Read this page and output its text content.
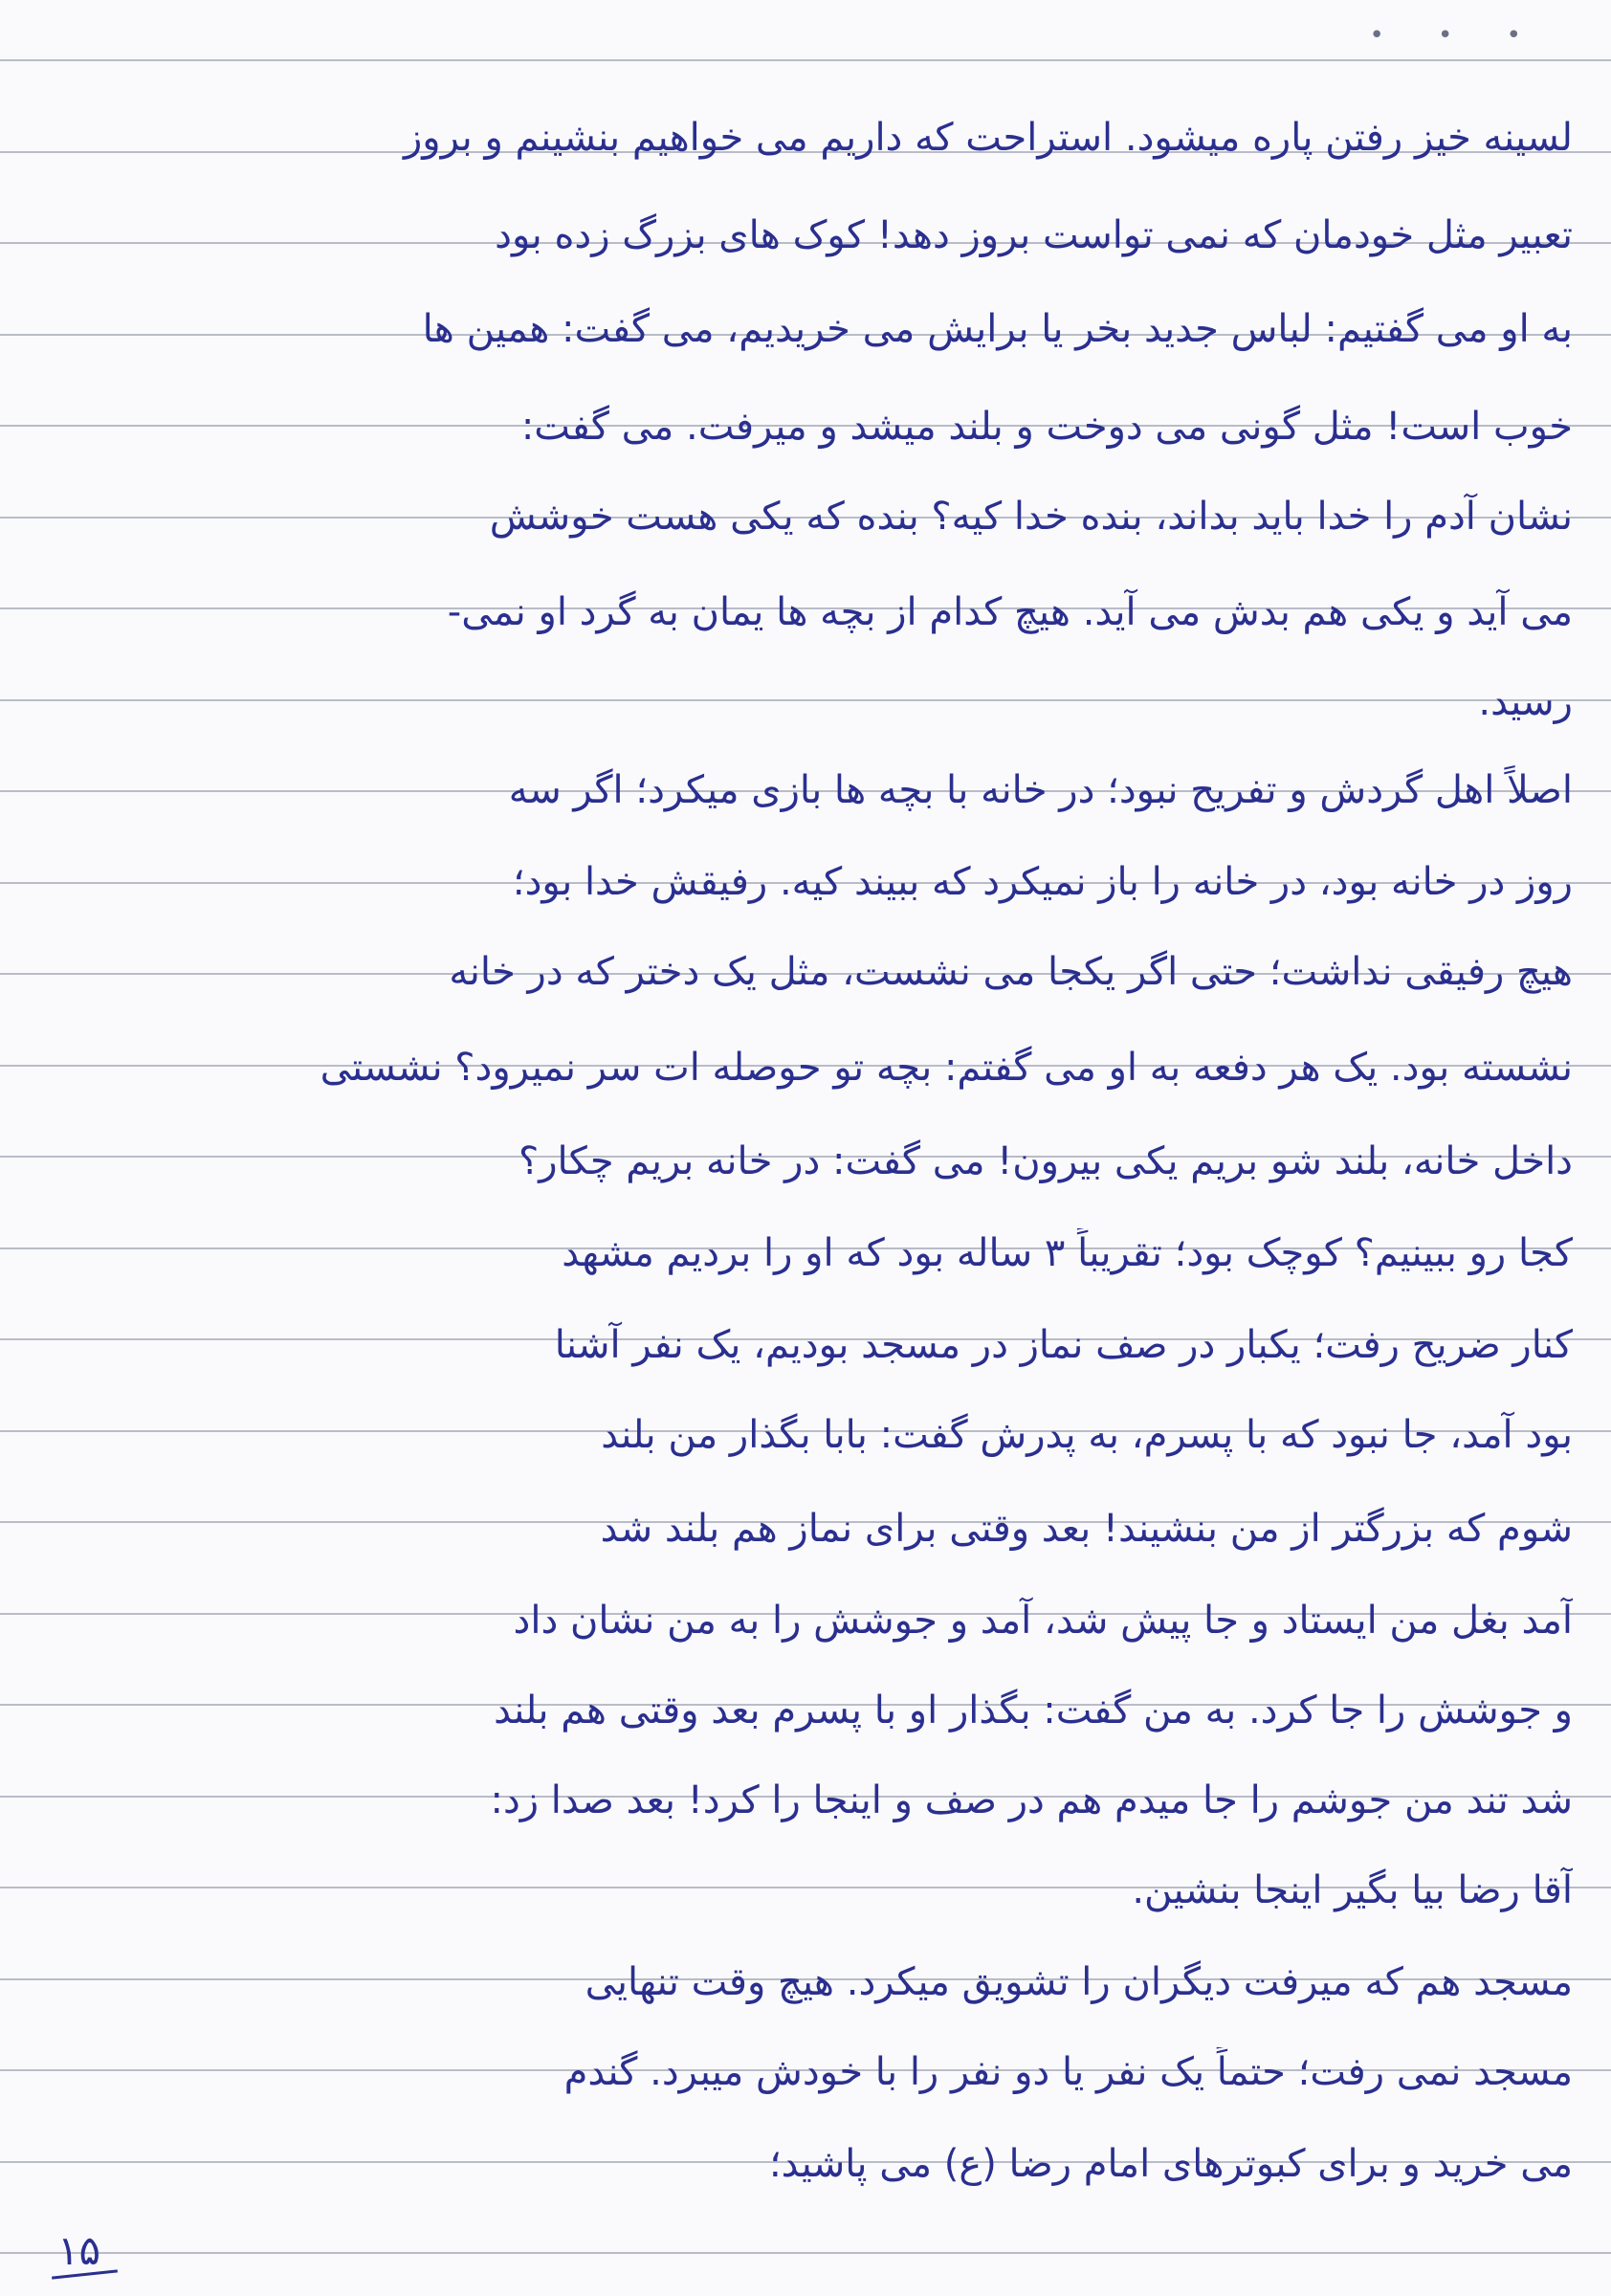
• • •
لسینه خیز رفتن پاره میشود. استراحت که داریم می خواهیم بنشینم و بروز
تعبیر مثل خودمان که نمی تواست بروز دهد! کوک های بزرگ زده بود
به او می گفتیم: لباس جدید بخر یا برایش می خریدیم، می گفت: همین ها
خوب است! مثل گونی می دوخت و بلند میشد و میرفت. می گفت:
نشان آدم را خدا باید بداند، بنده خدا کیه؟ بنده که یکی هست خوشش
می آید و یکی هم بدش می آید. هیچ کدام از بچه ها یمان به گرد او نمی-
رسید.
اصلاً اهل گردش و تفریح نبود؛ در خانه با بچه ها بازی میکرد؛ اگر سه
روز در خانه بود، در خانه را باز نمیکرد که ببیند کیه. رفیقش خدا بود؛
هیچ رفیقی نداشت؛ حتی اگر یکجا می نشست، مثل یک دختر که در خانه
نشسته بود. یک هر دفعه به او می گفتم: بچه تو حوصله ات سر نمیرود؟ نشستی
داخل خانه، بلند شو بریم یکی بیرون! می گفت: در خانه بریم چکار؟
کجا رو ببینیم؟ کوچک بود؛ تقریباً ۳ ساله بود که او را بردیم مشهد
کنار ضریح رفت؛ یکبار در صف نماز در مسجد بودیم، یک نفر آشنا
بود آمد، جا نبود که با پسرم، به پدرش گفت: بابا بگذار من بلند
شوم که بزرگتر از من بنشیند! بعد وقتی برای نماز هم بلند شد
آمد بغل من ایستاد و جا پیش شد، آمد و جوشش را به من نشان داد
و جوشش را جا کرد. به من گفت: بگذار او با پسرم بعد وقتی هم بلند
شد تند من جوشم را جا میدم هم در صف و اینجا را کرد! بعد صدا زد:
آقا رضا بیا بگیر اینجا بنشین.
مسجد هم که میرفت دیگران را تشویق میکرد. هیچ وقت تنهایی
مسجد نمی رفت؛ حتماً یک نفر یا دو نفر را با خودش میبرد. گندم
می خرید و برای کبوترهای امام رضا (ع) می پاشید؛
۱۵
